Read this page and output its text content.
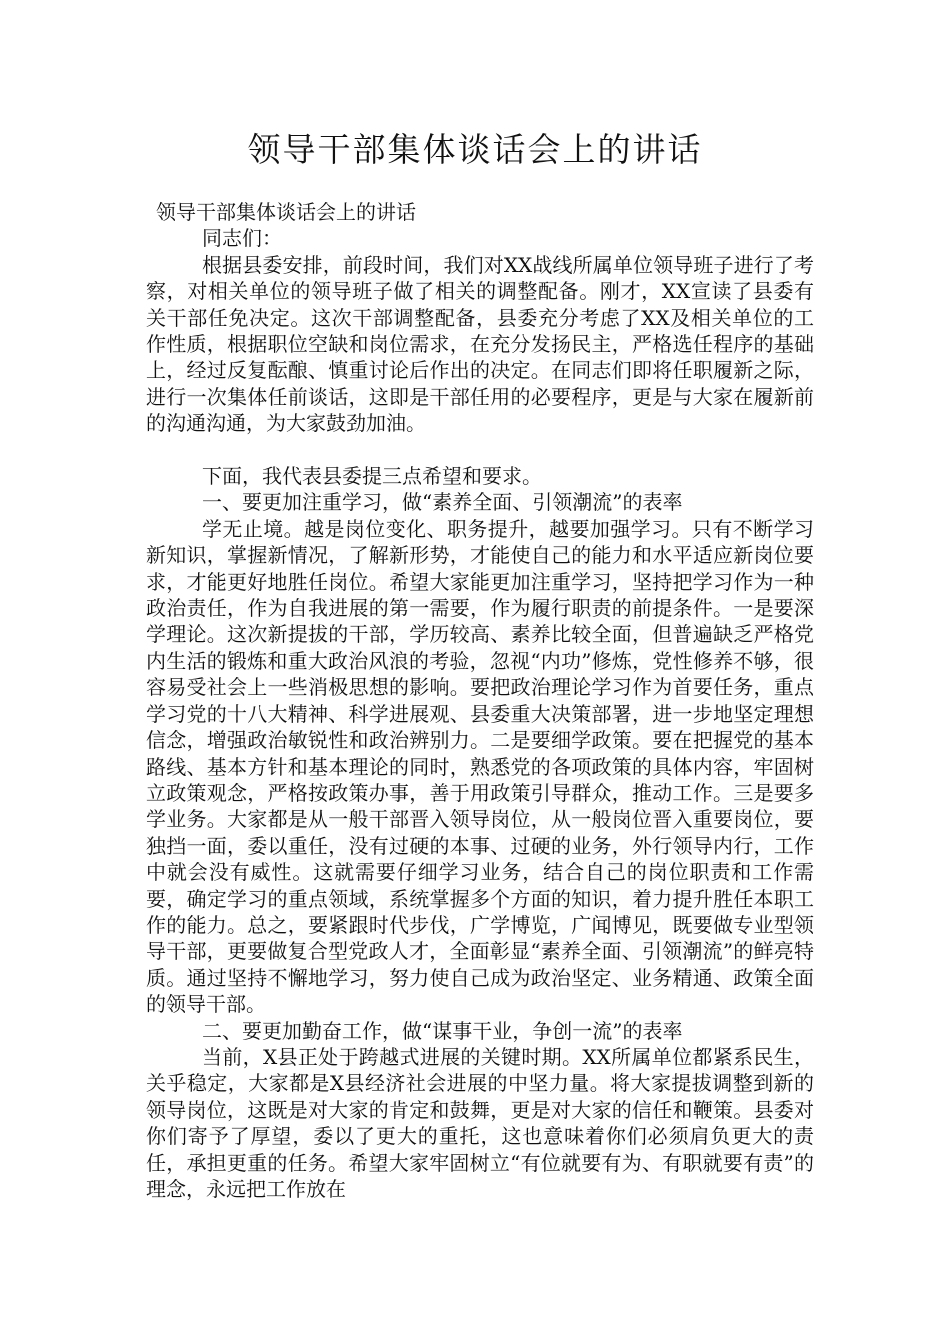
领导干部集体谈话会上的讲话

领导干部集体谈话会上的讲话

同志们：

根据县委安排，前段时间，我们对XX战线所属单位领导班子进行了考察，对相关单位的领导班子做了相关的调整配备。刚才，XX宣读了县委有关干部任免决定。这次干部调整配备，县委充分考虑了XX及相关单位的工作性质，根据职位空缺和岗位需求，在充分发扬民主，严格选任程序的基础上，经过反复酝酿、慎重讨论后作出的决定。在同志们即将任职履新之际，进行一次集体任前谈话，这即是干部任用的必要程序，更是与大家在履新前的沟通沟通，为大家鼓劲加油。

下面，我代表县委提三点希望和要求。

一、要更加注重学习，做“素养全面、引领潮流”的表率

学无止境。越是岗位变化、职务提升，越要加强学习。只有不断学习新知识，掌握新情况，了解新形势，才能使自己的能力和水平适应新岗位要求，才能更好地胜任岗位。希望大家能更加注重学习，坚持把学习作为一种政治责任，作为自我进展的第一需要，作为履行职责的前提条件。一是要深学理论。这次新提拔的干部，学历较高、素养比较全面，但普遍缺乏严格党内生活的锻炼和重大政治风浪的考验，忽视“内功”修炼，党性修养不够，很容易受社会上一些消极思想的影响。要把政治理论学习作为首要任务，重点学习党的十八大精神、科学进展观、县委重大决策部署，进一步地坚定理想信念，增强政治敏锐性和政治辨别力。二是要细学政策。要在把握党的基本路线、基本方针和基本理论的同时，熟悉党的各项政策的具体内容，牢固树立政策观念，严格按政策办事，善于用政策引导群众，推动工作。三是要多学业务。大家都是从一般干部晋入领导岗位，从一般岗位晋入重要岗位，要独挡一面，委以重任，没有过硬的本事、过硬的业务，外行领导内行，工作中就会没有威性。这就需要仔细学习业务，结合自己的岗位职责和工作需要，确定学习的重点领域，系统掌握多个方面的知识，着力提升胜任本职工作的能力。总之，要紧跟时代步伐，广学博览，广闻博见，既要做专业型领导干部，更要做复合型党政人才，全面彰显“素养全面、引领潮流”的鲜亮特质。通过坚持不懈地学习，努力使自己成为政治坚定、业务精通、政策全面的领导干部。

二、要更加勤奋工作，做“谋事干业，争创一流”的表率

当前，X县正处于跨越式进展的关键时期。XX所属单位都紧系民生，关乎稳定，大家都是X县经济社会进展的中坚力量。将大家提拔调整到新的领导岗位，这既是对大家的肯定和鼓舞，更是对大家的信任和鞭策。县委对你们寄予了厚望，委以了更大的重托，这也意味着你们必须肩负更大的责任，承担更重的任务。希望大家牢固树立“有位就要有为、有职就要有责”的理念，永远把工作放在
